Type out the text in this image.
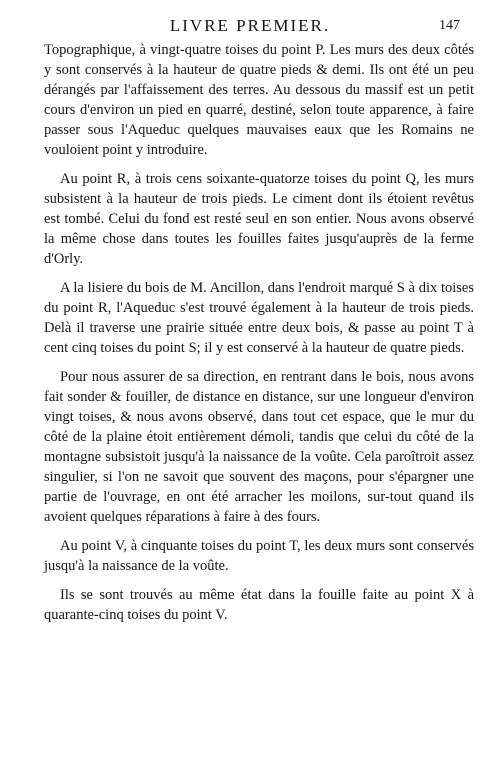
LIVRE PREMIER.	147

Topographique, à vingt-quatre toises du point P. Les murs des deux côtés y sont conservés à la hauteur de quatre pieds & demi. Ils ont été un peu dérangés par l'affaissement des terres. Au dessous du massif est un petit cours d'environ un pied en quarré, destiné, selon toute apparence, à faire passer sous l'Aqueduc quelques mauvaises eaux que les Romains ne vouloient point y introduire.

Au point R, à trois cens soixante-quatorze toises du point Q, les murs subsistent à la hauteur de trois pieds. Le ciment dont ils étoient revêtus est tombé. Celui du fond est resté seul en son entier. Nous avons observé la même chose dans toutes les fouilles faites jusqu'auprès de la ferme d'Orly.

A la lisiere du bois de M. Ancillon, dans l'endroit marqué S à dix toises du point R, l'Aqueduc s'est trouvé également à la hauteur de trois pieds. Delà il traverse une prairie située entre deux bois, & passe au point T à cent cinq toises du point S; il y est conservé à la hauteur de quatre pieds.

Pour nous assurer de sa direction, en rentrant dans le bois, nous avons fait sonder & fouiller, de distance en distance, sur une longueur d'environ vingt toises, & nous avons observé, dans tout cet espace, que le mur du côté de la plaine étoit entièrement démoli, tandis que celui du côté de la montagne subsistoit jusqu'à la naissance de la voûte. Cela paroîtroit assez singulier, si l'on ne savoit que souvent des maçons, pour s'épargner une partie de l'ouvrage, en ont été arracher les moilons, sur-tout quand ils avoient quelques réparations à faire à des fours.

Au point V, à cinquante toises du point T, les deux murs sont conservés jusqu'à la naissance de la voûte.

Ils se sont trouvés au même état dans la fouille faite au point X à quarante-cinq toises du point V.
